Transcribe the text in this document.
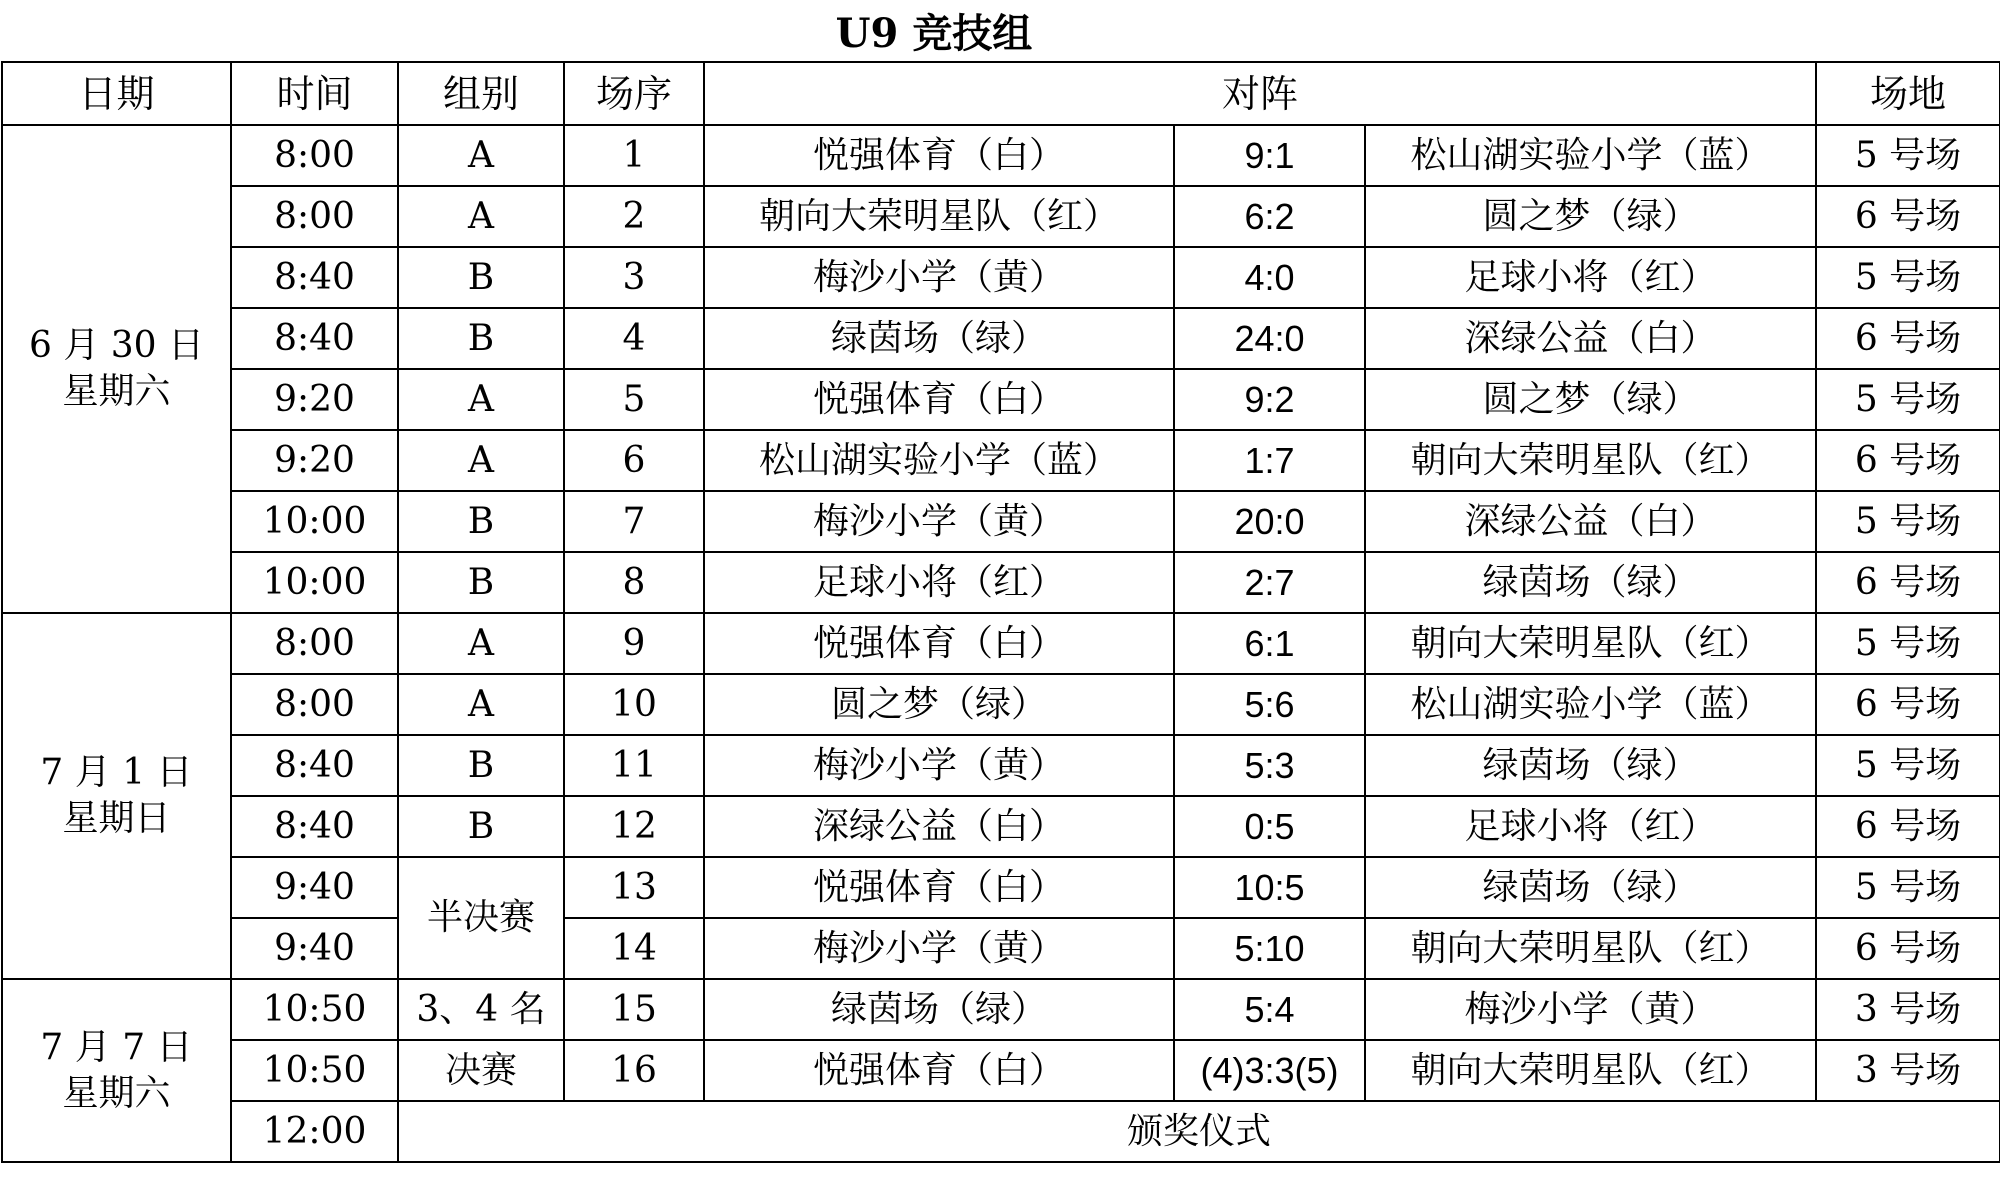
U9 竞技组
日期	时间	组别	场序	对阵			场地

6 月 30 日
星期六	8:00	A	1	悦强体育（白）	9:1	松山湖实验小学（蓝）	5 号场
	8:00	A	2	朝向大荣明星队（红）	6:2	圆之梦（绿）	6 号场
	8:40	B	3	梅沙小学（黄）	4:0	足球小将（红）	5 号场
	8:40	B	4	绿茵场（绿）	24:0	深绿公益（白）	6 号场
	9:20	A	5	悦强体育（白）	9:2	圆之梦（绿）	5 号场
	9:20	A	6	松山湖实验小学（蓝）	1:7	朝向大荣明星队（红）	6 号场
	10:00	B	7	梅沙小学（黄）	20:0	深绿公益（白）	5 号场
	10:00	B	8	足球小将（红）	2:7	绿茵场（绿）	6 号场

7 月 1 日
星期日	8:00	A	9	悦强体育（白）	6:1	朝向大荣明星队（红）	5 号场
	8:00	A	10	圆之梦（绿）	5:6	松山湖实验小学（蓝）	6 号场
	8:40	B	11	梅沙小学（黄）	5:3	绿茵场（绿）	5 号场
	8:40	B	12	深绿公益（白）	0:5	足球小将（红）	6 号场
	9:40	半决赛	13	悦强体育（白）	10:5	绿茵场（绿）	5 号场
	9:40		14	梅沙小学（黄）	5:10	朝向大荣明星队（红）	6 号场

7 月 7 日
星期六	10:50	3、4 名	15	绿茵场（绿）	5:4	梅沙小学（黄）	3 号场
	10:50	决赛	16	悦强体育（白）	(4)3:3(5)	朝向大荣明星队（红）	3 号场
	12:00	颁奖仪式					
